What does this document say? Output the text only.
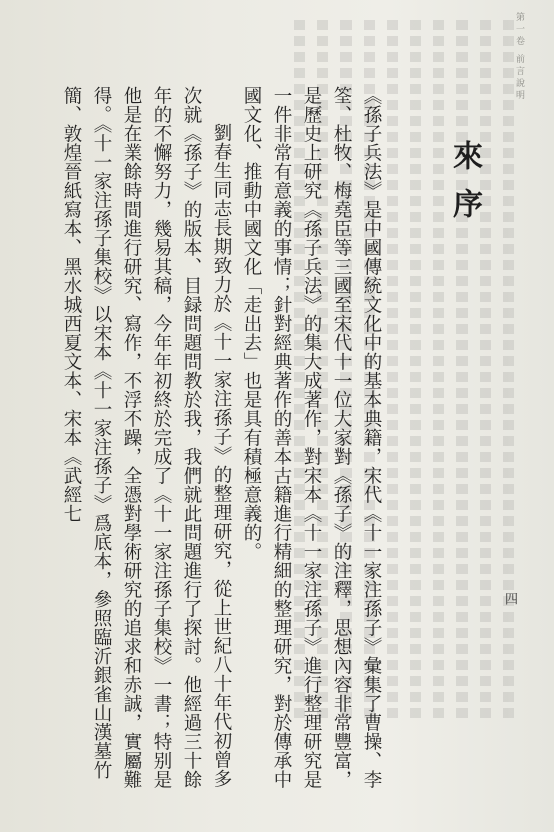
第一卷 前言說明
來序

《孫子兵法》是中國傳統文化中的基本典籍，宋代《十一家注孫子》彙集了曹操、李筌、杜牧、梅堯臣等三國至宋代十一位大家對《孫子》的注釋，思想內容非常豐富，是歷史上研究《孫子兵法》的集大成著作，對宋本《十一家注孫子》進行整理研究是一件非常有意義的事情；針對經典著作的善本古籍進行精細的整理研究，對於傳承中國文化、推動中國文化「走出去」也是具有積極意義的。

劉春生同志長期致力於《十一家注孫子》的整理研究，從上世紀八十年代初曾多次就《孫子》的版本、目録問題問教於我，我們就此問題進行了探討。他經過三十餘年的不懈努力，幾易其稿，今年年初終於完成了《十一家注孫子集校》一書；特别是他是在業餘時間進行研究、寫作，不浮不躁，全憑對學術研究的追求和赤誠，實屬難得。《十一家注孫子集校》以宋本《十一家注孫子》爲底本，參照臨沂銀雀山漢墓竹簡、敦煌晉紙寫本、黑水城西夏文本、宋本《武經七

四
